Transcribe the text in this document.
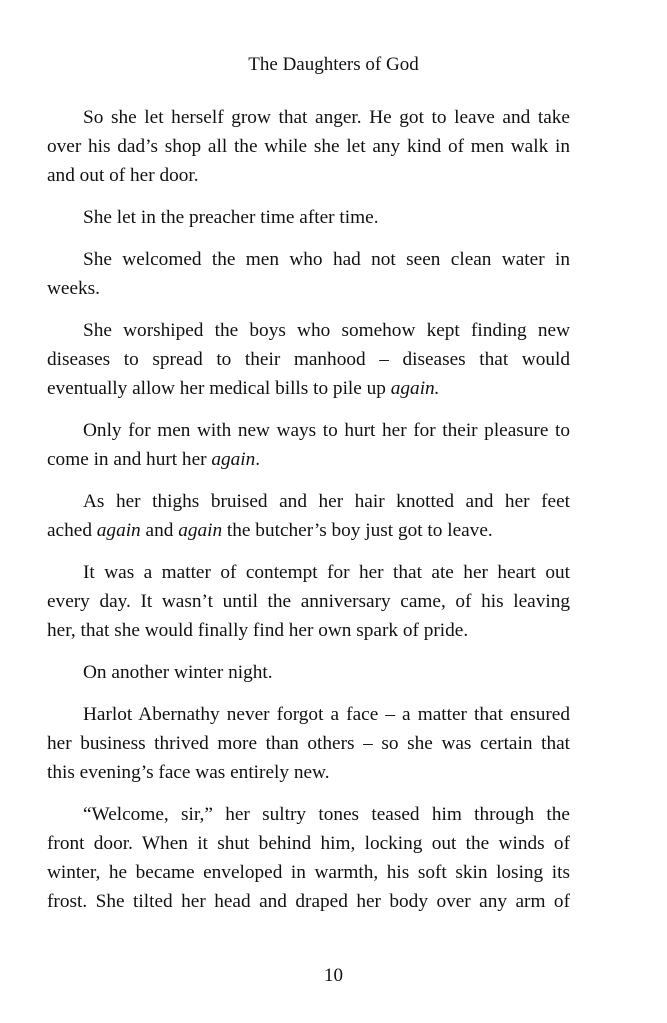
The Daughters of God
So she let herself grow that anger. He got to leave and take
over his dad’s shop all the while she let any kind of men walk in
and out of her door.
She let in the preacher time after time.
She welcomed the men who had not seen clean water in
weeks.
She worshiped the boys who somehow kept finding new
diseases to spread to their manhood – diseases that would
eventually allow her medical bills to pile up again.
Only for men with new ways to hurt her for their pleasure to
come in and hurt her again.
As her thighs bruised and her hair knotted and her feet
ached again and again the butcher’s boy just got to leave.
It was a matter of contempt for her that ate her heart out
every day. It wasn’t until the anniversary came, of his leaving
her, that she would finally find her own spark of pride.
On another winter night.
Harlot Abernathy never forgot a face – a matter that ensured
her business thrived more than others – so she was certain that
this evening’s face was entirely new.
“Welcome, sir,” her sultry tones teased him through the
front door. When it shut behind him, locking out the winds of
winter, he became enveloped in warmth, his soft skin losing its
frost. She tilted her head and draped her body over any arm of
10
